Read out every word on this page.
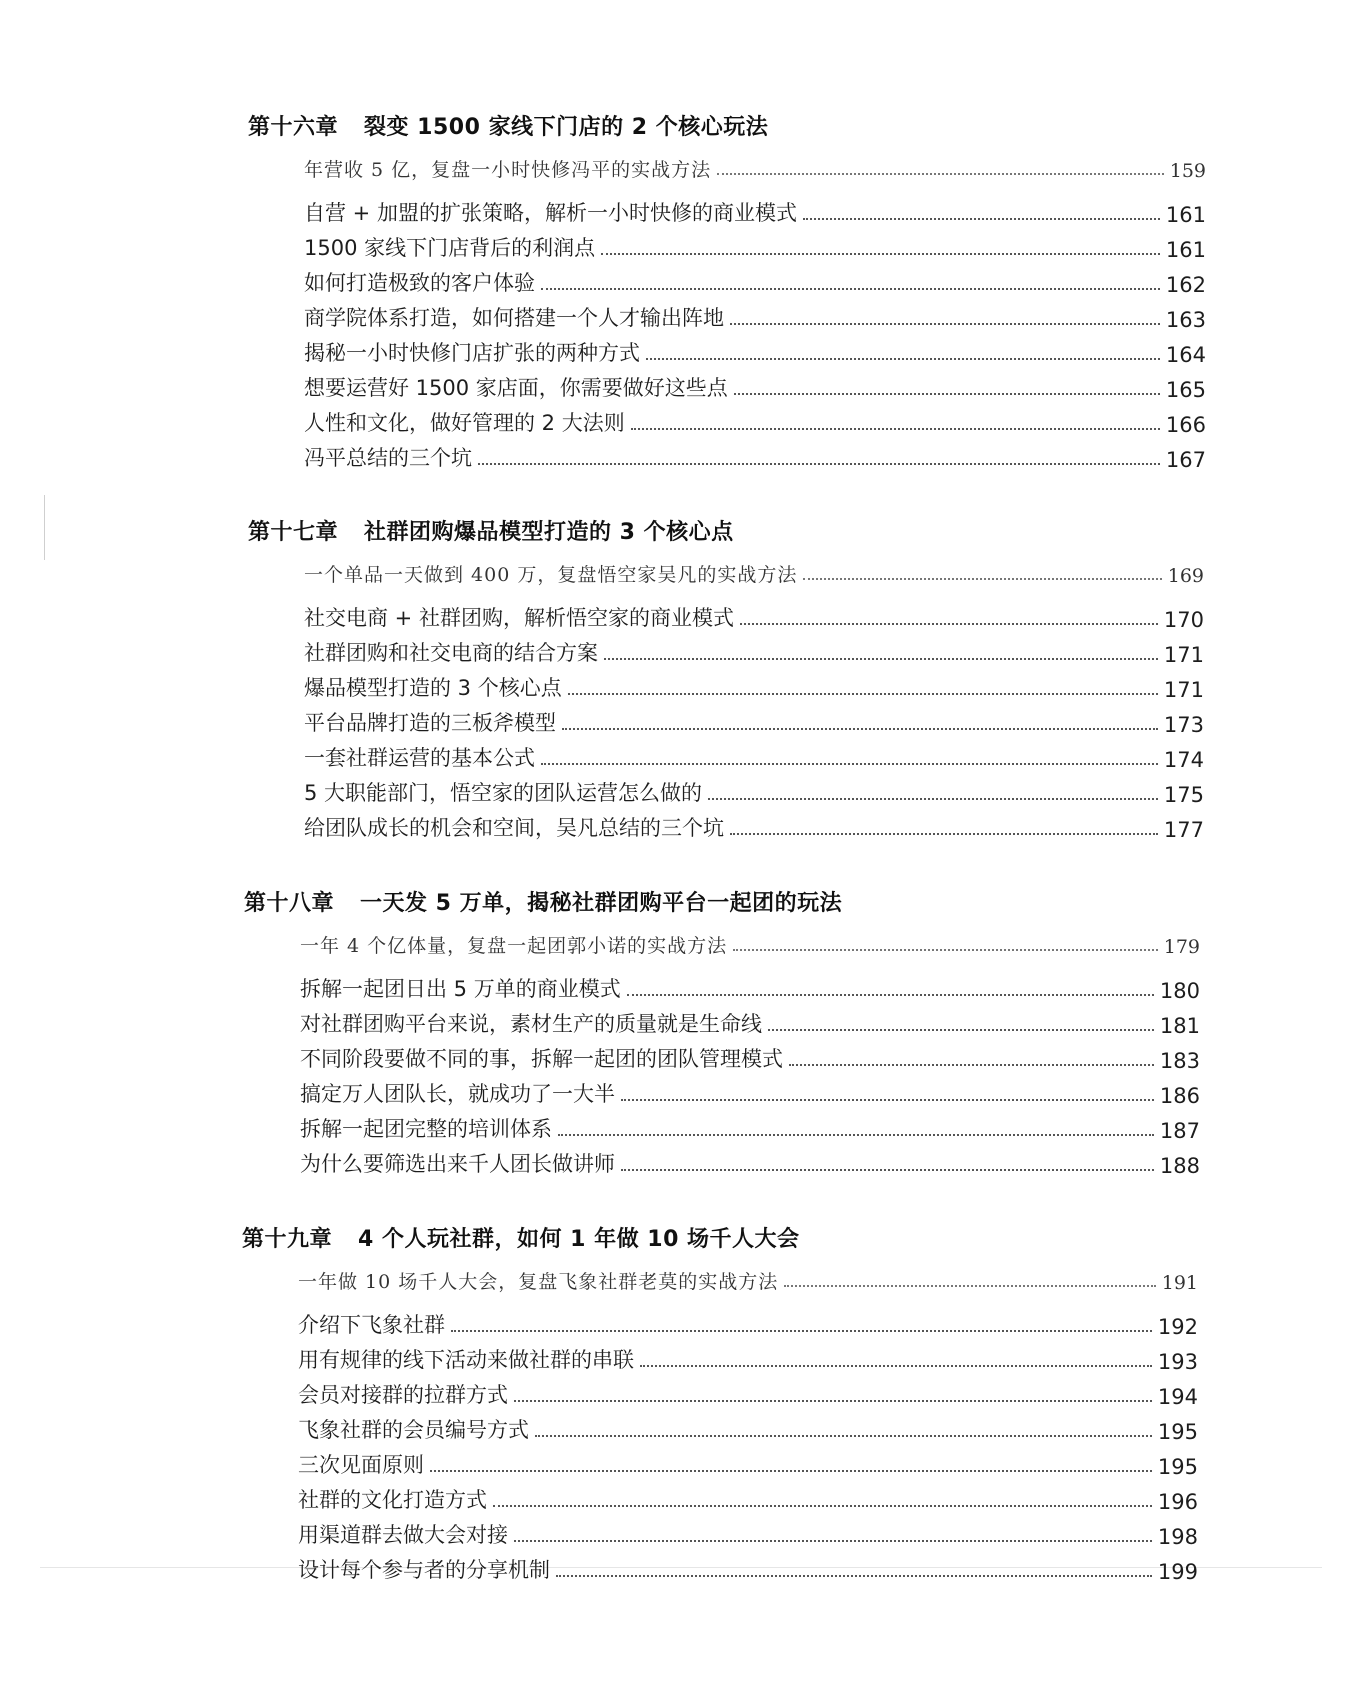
第十六章 裂变 1500 家线下门店的 2 个核心玩法
年营收 5 亿，复盘一小时快修冯平的实战方法	159
自营 + 加盟的扩张策略，解析一小时快修的商业模式	161
1500 家线下门店背后的利润点	161
如何打造极致的客户体验	162
商学院体系打造，如何搭建一个人才输出阵地	163
揭秘一小时快修门店扩张的两种方式	164
想要运营好 1500 家店面，你需要做好这些点	165
人性和文化，做好管理的 2 大法则	166
冯平总结的三个坑	167
第十七章 社群团购爆品模型打造的 3 个核心点
一个单品一天做到 400 万，复盘悟空家吴凡的实战方法	169
社交电商 + 社群团购，解析悟空家的商业模式	170
社群团购和社交电商的结合方案	171
爆品模型打造的 3 个核心点	171
平台品牌打造的三板斧模型	173
一套社群运营的基本公式	174
5 大职能部门，悟空家的团队运营怎么做的	175
给团队成长的机会和空间，吴凡总结的三个坑	177
第十八章 一天发 5 万单，揭秘社群团购平台一起团的玩法
一年 4 个亿体量，复盘一起团郭小诺的实战方法	179
拆解一起团日出 5 万单的商业模式	180
对社群团购平台来说，素材生产的质量就是生命线	181
不同阶段要做不同的事，拆解一起团的团队管理模式	183
搞定万人团队长，就成功了一大半	186
拆解一起团完整的培训体系	187
为什么要筛选出来千人团长做讲师	188
第十九章 4 个人玩社群，如何 1 年做 10 场千人大会
一年做 10 场千人大会，复盘飞象社群老莫的实战方法	191
介绍下飞象社群	192
用有规律的线下活动来做社群的串联	193
会员对接群的拉群方式	194
飞象社群的会员编号方式	195
三次见面原则	195
社群的文化打造方式	196
用渠道群去做大会对接	198
设计每个参与者的分享机制	199
